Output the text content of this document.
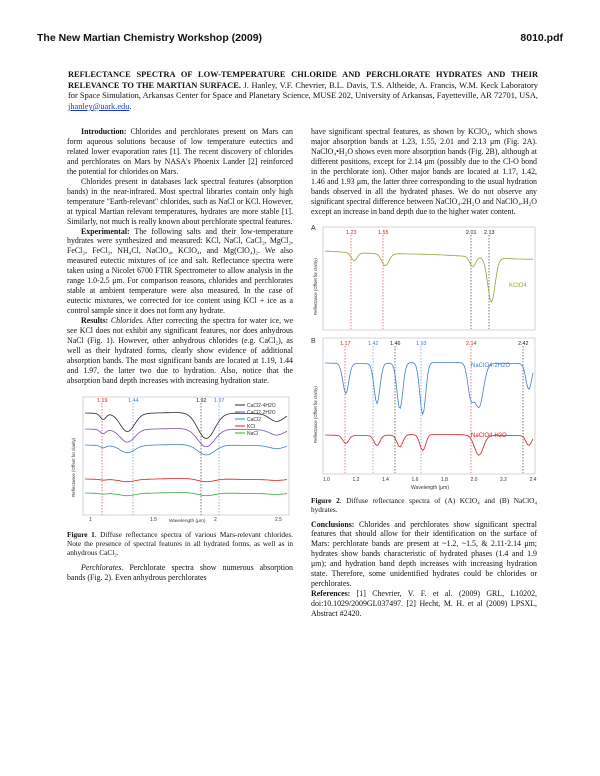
The New Martian Chemistry Workshop (2009)	8010.pdf
REFLECTANCE SPECTRA OF LOW-TEMPERATURE CHLORIDE AND PERCHLORATE HYDRATES AND THEIR RELEVANCE TO THE MARTIAN SURFACE. J. Hanley, V.F. Chevrier, B.L. Davis, T.S. Altheide, A. Francis, W.M. Keck Laboratory for Space Simulation, Arkansas Center for Space and Planetary Science, MUSE 202, University of Arkansas, Fayetteville, AR 72701, USA, jhanley@uark.edu.

Introduction: Chlorides and perchlorates present on Mars can form aqueous solutions because of low temperature eutectics and related lower evaporation rates [1]. The recent discovery of chlorides and perchlorates on Mars by NASA's Phoenix Lander [2] reinforced the potential for chlorides on Mars.

Chlorides present in databases lack spectral features (absorption bands) in the near-infrared. Most spectral libraries contain only high temperature "Earth-relevant" chlorides, such as NaCl or KCl. However, at typical Martian relevant temperatures, hydrates are more stable [1]. Similarly, not much is really known about perchlorate spectral features.

Experimental: The following salts and their low-temperature hydrates were synthesized and measured: KCl, NaCl, CaCl₂, MgCl₂, FeCl₂, FeCl₃, NH₄Cl, NaClO₄, KClO₄, and Mg(ClO₄)₂. We also measured eutectic mixtures of ice and salt. Reflectance spectra were taken using a Nicolet 6700 FTIR Spectrometer to allow analysis in the range 1.0-2.5 μm. For comparison reasons, chlorides and perchlorates stable at ambient temperature were also measured. In the case of eutectic mixtures, we corrected for ice content using KCl + ice as a control sample since it does not form any hydrate.

Results: Chlorides. After correcting the spectra for water ice, we see KCl does not exhibit any significant features, nor does anhydrous NaCl (Fig. 1). However, other anhydrous chlorides (e.g. CaCl₂), as well as their hydrated forms, clearly show evidence of additional absorption bands. The most significant bands are located at 1.19, 1.44 and 1.97, the latter two due to hydration. Also, notice that the absorption band depth increases with increasing hydration state.

1.19	1.44	1.92 1.97
CaCl2·4H2O
CaCl2·2H2O
CaCl2
KCl
NaCl
Reflectance (Offset for clarity)
1	1.5	2	2.5
Wavelength (μm)
Figure 1. Diffuse reflectance spectra of various Mars-relevant chlorides. Note the presence of spectral features in all hydrated forms, as well as in anhydrous CaCl₂.

Perchlorates. Perchlorate spectra show numerous absorption bands (Fig. 2). Even anhydrous perchlorates

have significant spectral features, as shown by KClO₄, which shows major absorption bands at 1.23, 1.55, 2.01 and 2.13 μm (Fig. 2A). NaClO₄•H₂O shows even more absorption bands (Fig. 2B), although at different positions, except for 2.14 μm (possibly due to the Cl-O bond in the perchlorate ion). Other major bands are located at 1.17, 1.42, 1.46 and 1.93 μm, the latter three corresponding to the usual hydration bands observed in all the hydrated phases. We do not observe any significant spectral difference between NaClO₄.2H₂O and NaClO₄.H₂O except an increase in band depth due to the higher water content.

A
1.23	1.55	2.01 2.13
Reflectance (Offset for clarity)	KClO4
B	1.17	1.42 1.46	1.93	2.14	2.42
Reflectance (Offset for clarity)
NaClO4·2H2O
NaClO4·H2O
1.0	1.2	1.4	1.6	1.8	2.0	2.2	2.4
Wavelength (μm)
Figure 2. Diffuse reflectance spectra of (A) KClO₄ and (B) NaClO₄ hydrates.

Conclusions: Chlorides and perchlorates show significant spectral features that should allow for their identification on the surface of Mars: perchlorate bands are present at ~1.2, ~1.5, & 2.11-2.14 μm; hydrates show bands characteristic of hydrated phases (1.4 and 1.9 μm); and hydration band depth increases with increasing hydration state. Therefore, some unidentified hydrates could be chlorides or perchlorates.

References: [1] Chevrier, V. F. et al. (2009) GRL, L10202, doi:10.1029/2009GL037497. [2] Hecht, M. H. et al (2009) LPSXL, Abstract #2420.
